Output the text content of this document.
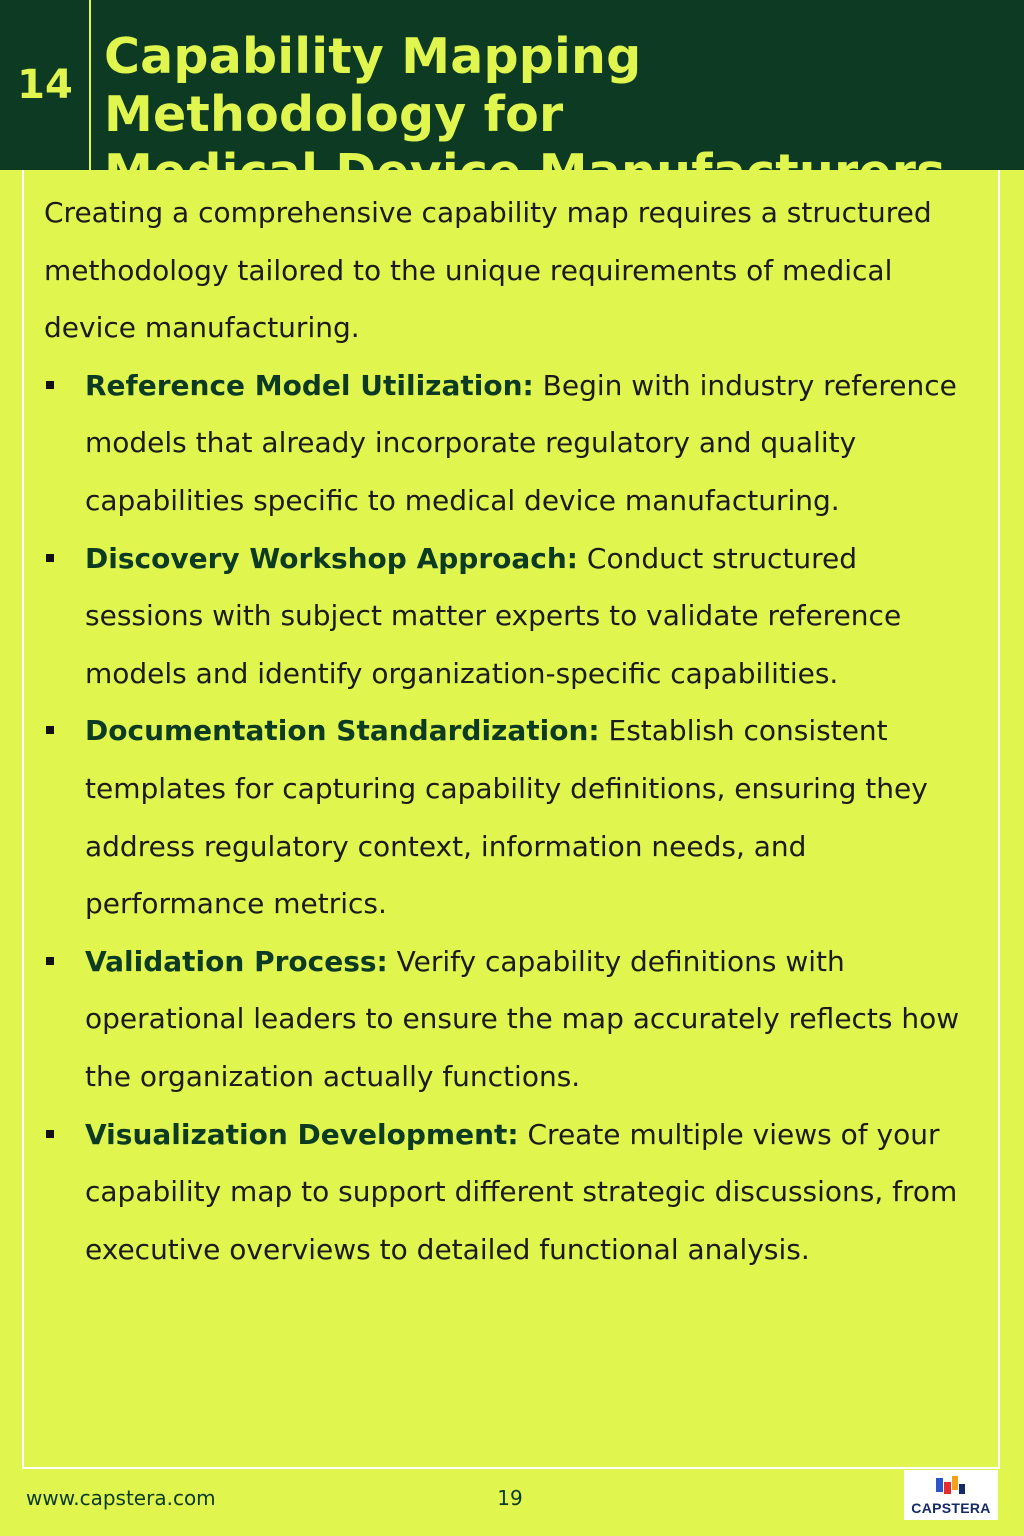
14 Capability Mapping Methodology for
Medical Device Manufacturers

Creating a comprehensive capability map requires a structured methodology tailored to the unique requirements of medical device manufacturing.

Reference Model Utilization: Begin with industry reference models that already incorporate regulatory and quality capabilities specific to medical device manufacturing.
Discovery Workshop Approach: Conduct structured sessions with subject matter experts to validate reference models and identify organization-specific capabilities.
Documentation Standardization: Establish consistent templates for capturing capability definitions, ensuring they address regulatory context, information needs, and performance metrics.
Validation Process: Verify capability definitions with operational leaders to ensure the map accurately reflects how the organization actually functions.
Visualization Development: Create multiple views of your capability map to support different strategic discussions, from executive overviews to detailed functional analysis.
www.capstera.com	19	CAPSTERA
